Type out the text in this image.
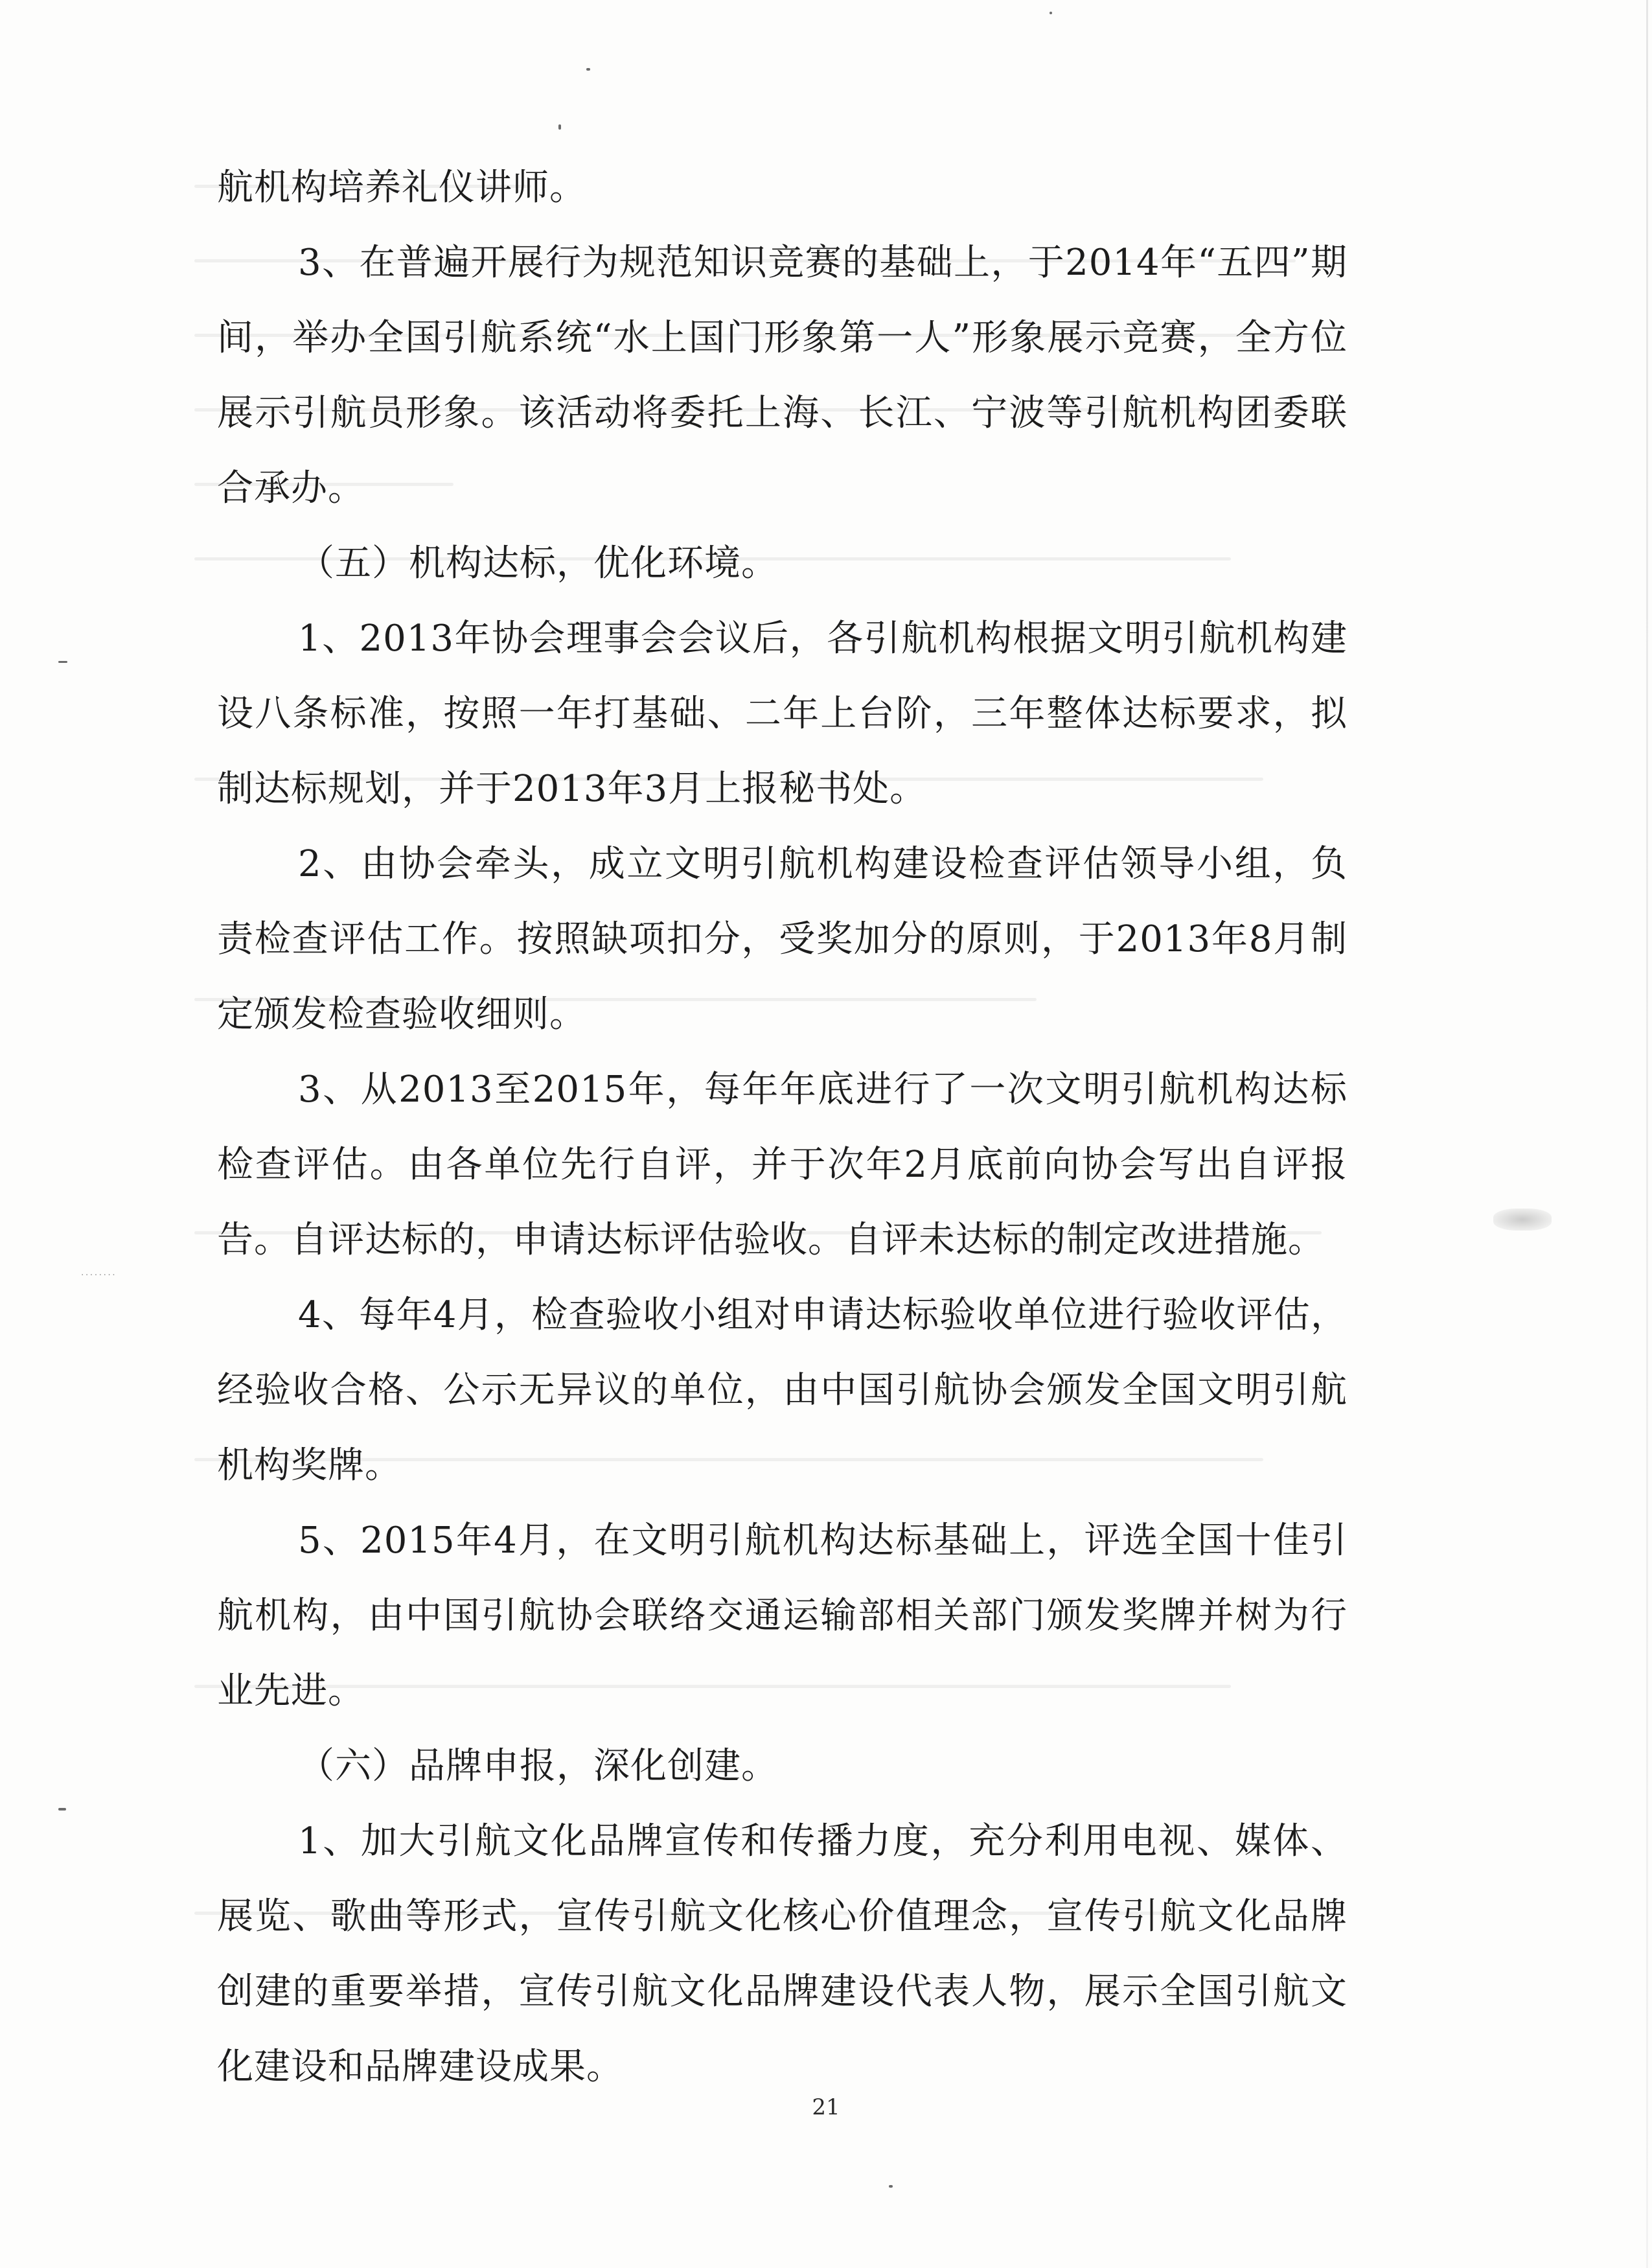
· · · · · · · ·

航机构培养礼仪讲师。

3、在普遍开展行为规范知识竞赛的基础上，于2014年“五四”期间，举办全国引航系统“水上国门形象第一人”形象展示竞赛，全方位展示引航员形象。该活动将委托上海、长江、宁波等引航机构团委联合承办。

（五）机构达标，优化环境。

1、2013年协会理事会会议后，各引航机构根据文明引航机构建设八条标准，按照一年打基础、二年上台阶，三年整体达标要求，拟制达标规划，并于2013年3月上报秘书处。

2、由协会牵头，成立文明引航机构建设检查评估领导小组，负责检查评估工作。按照缺项扣分，受奖加分的原则，于2013年8月制定颁发检查验收细则。

3、从2013至2015年，每年年底进行了一次文明引航机构达标检查评估。由各单位先行自评，并于次年2月底前向协会写出自评报告。自评达标的，申请达标评估验收。自评未达标的制定改进措施。

4、每年4月，检查验收小组对申请达标验收单位进行验收评估，经验收合格、公示无异议的单位，由中国引航协会颁发全国文明引航机构奖牌。

5、2015年4月，在文明引航机构达标基础上，评选全国十佳引航机构，由中国引航协会联络交通运输部相关部门颁发奖牌并树为行业先进。

（六）品牌申报，深化创建。

1、加大引航文化品牌宣传和传播力度，充分利用电视、媒体、展览、歌曲等形式，宣传引航文化核心价值理念，宣传引航文化品牌创建的重要举措，宣传引航文化品牌建设代表人物，展示全国引航文化建设和品牌建设成果。

21
